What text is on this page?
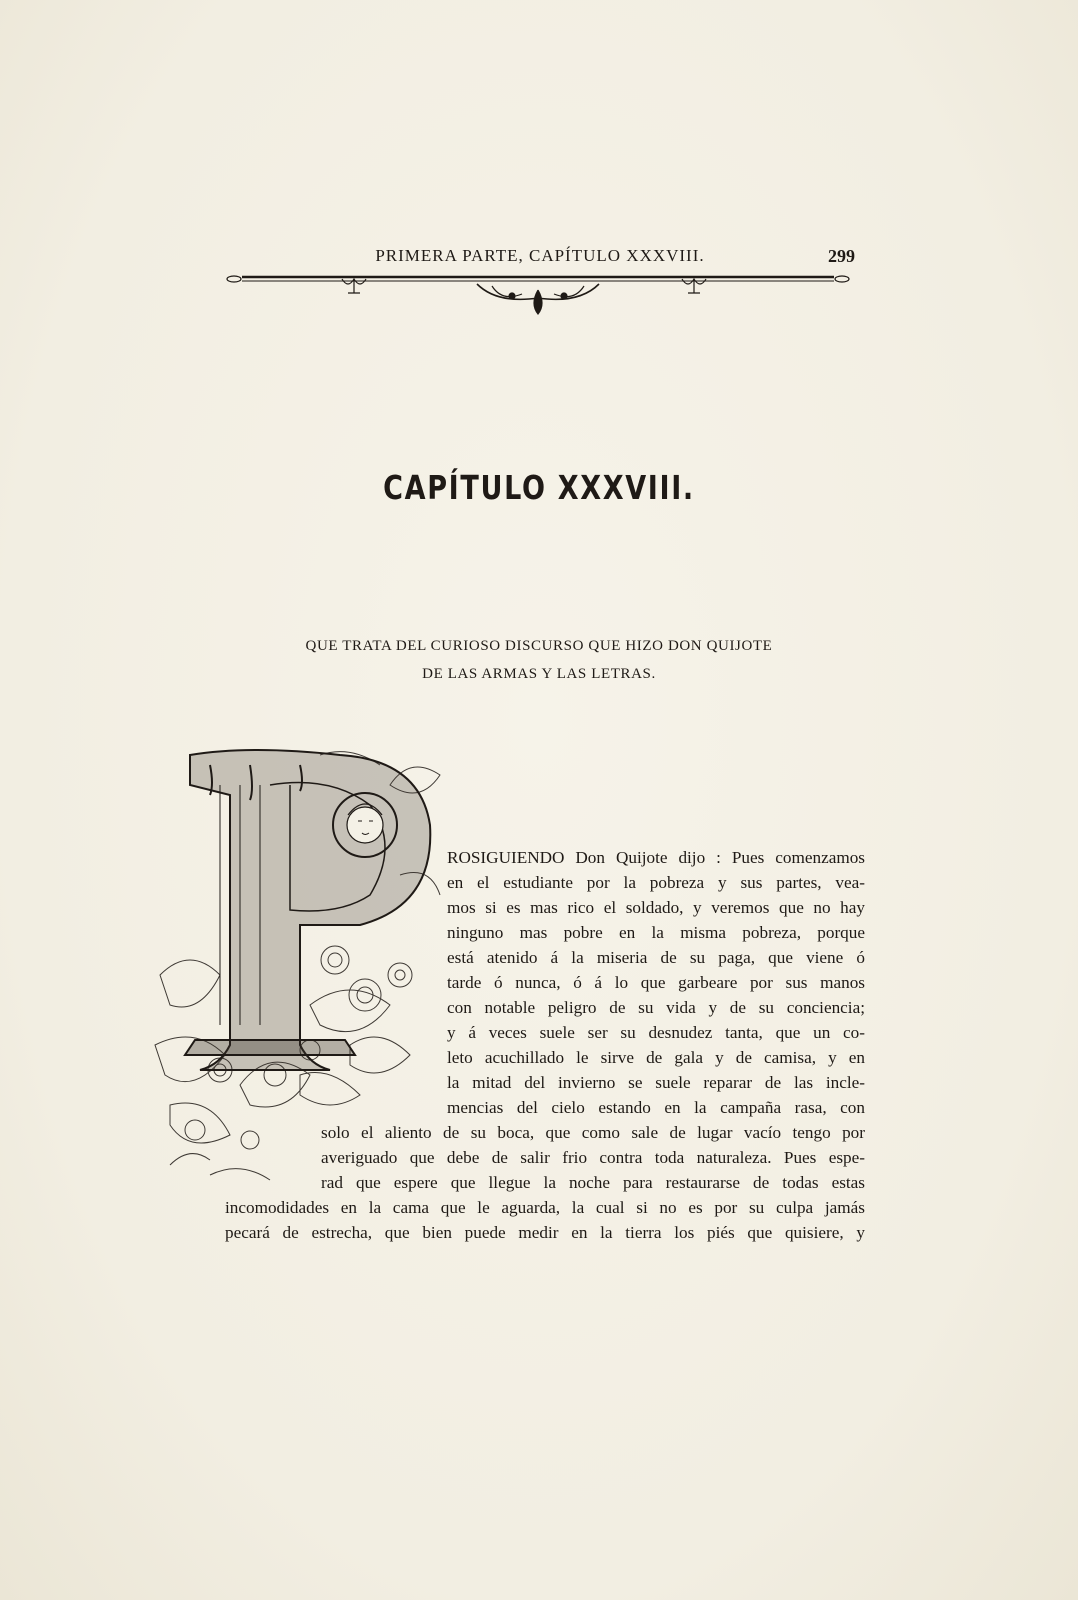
PRIMERA PARTE, CAPÍTULO XXXVIII.	299
CAPÍTULO XXXVIII.
QUE TRATA DEL CURIOSO DISCURSO QUE HIZO DON QUIJOTE
DE LAS ARMAS Y LAS LETRAS.
ROSIGUIENDO Don Quijote dijo : Pues comenzamos
en el estudiante por la pobreza y sus partes, vea-
mos si es mas rico el soldado, y veremos que no hay
ninguno mas pobre en la misma pobreza, porque
está atenido á la miseria de su paga, que viene ó
tarde ó nunca, ó á lo que garbeare por sus manos
con notable peligro de su vida y de su conciencia;
y á veces suele ser su desnudez tanta, que un co-
leto acuchillado le sirve de gala y de camisa, y en
la mitad del invierno se suele reparar de las incle-
mencias del cielo estando en la campaña rasa, con
solo el aliento de su boca, que como sale de lugar vacío tengo por
averiguado que debe de salir frio contra toda naturaleza. Pues espe-
rad que espere que llegue la noche para restaurarse de todas estas
incomodidades en la cama que le aguarda, la cual si no es por su culpa jamás
pecará de estrecha, que bien puede medir en la tierra los piés que quisiere, y
